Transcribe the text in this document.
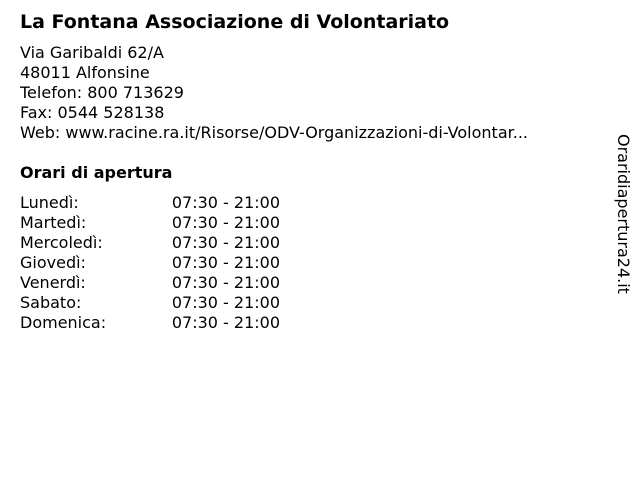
La Fontana Associazione di Volontariato
Via Garibaldi 62/A
48011 Alfonsine
Telefon: 800 713629
Fax: 0544 528138
Web: www.racine.ra.it/Risorse/ODV-Organizzazioni-di-Volontar...
Orari di apertura
Lunedì:	07:30 - 21:00
Martedì:	07:30 - 21:00
Mercoledì:	07:30 - 21:00
Giovedì:	07:30 - 21:00
Venerdì:	07:30 - 21:00
Sabato:	07:30 - 21:00
Domenica:	07:30 - 21:00
Oraridiapertura24.it
